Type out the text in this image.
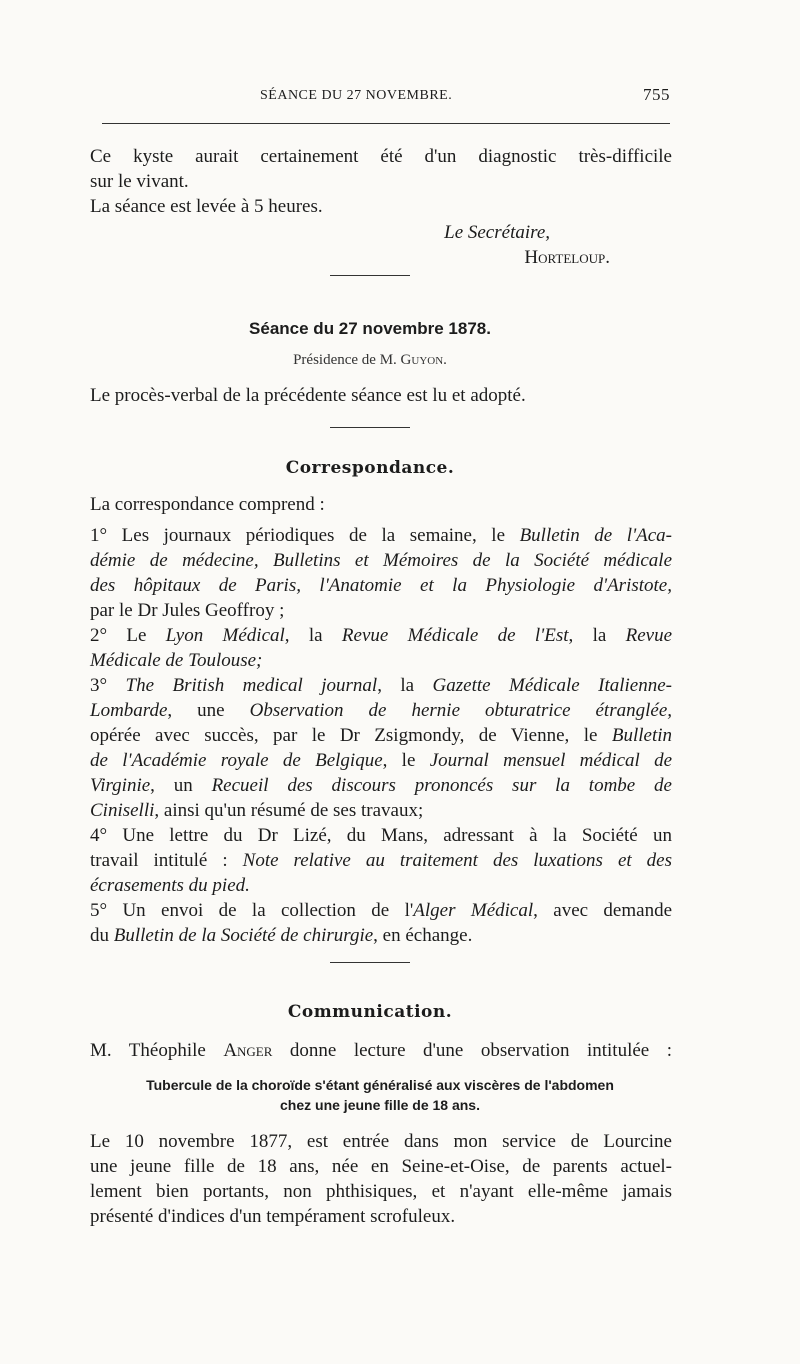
SÉANCE DU 27 NOVEMBRE.	755
Ce kyste aurait certainement été d'un diagnostic très-difficile
sur le vivant.
La séance est levée à 5 heures.
Le Secrétaire,
Horteloup.
Séance du 27 novembre 1878.
Présidence de M. Guyon.
Le procès-verbal de la précédente séance est lu et adopté.
Correspondance.
La correspondance comprend :
1° Les journaux périodiques de la semaine, le Bulletin de l'Aca-
démie de médecine, Bulletins et Mémoires de la Société médicale
des hôpitaux de Paris, l'Anatomie et la Physiologie d'Aristote,
par le Dr Jules Geoffroy ;
2° Le Lyon Médical, la Revue Médicale de l'Est, la Revue
Médicale de Toulouse;
3° The British medical journal, la Gazette Médicale Italienne-
Lombarde, une Observation de hernie obturatrice étranglée,
opérée avec succès, par le Dr Zsigmondy, de Vienne, le Bulletin
de l'Académie royale de Belgique, le Journal mensuel médical de
Virginie, un Recueil des discours prononcés sur la tombe de
Ciniselli, ainsi qu'un résumé de ses travaux;
4° Une lettre du Dr Lizé, du Mans, adressant à la Société un
travail intitulé : Note relative au traitement des luxations et des
écrasements du pied.
5° Un envoi de la collection de l'Alger Médical, avec demande
du Bulletin de la Société de chirurgie, en échange.
Communication.
M. Théophile Anger donne lecture d'une observation intitulée :
Tubercule de la choroïde s'étant généralisé aux viscères de l'abdomen
chez une jeune fille de 18 ans.
Le 10 novembre 1877, est entrée dans mon service de Lourcine
une jeune fille de 18 ans, née en Seine-et-Oise, de parents actuel-
lement bien portants, non phthisiques, et n'ayant elle-même jamais
présenté d'indices d'un tempérament scrofuleux.
